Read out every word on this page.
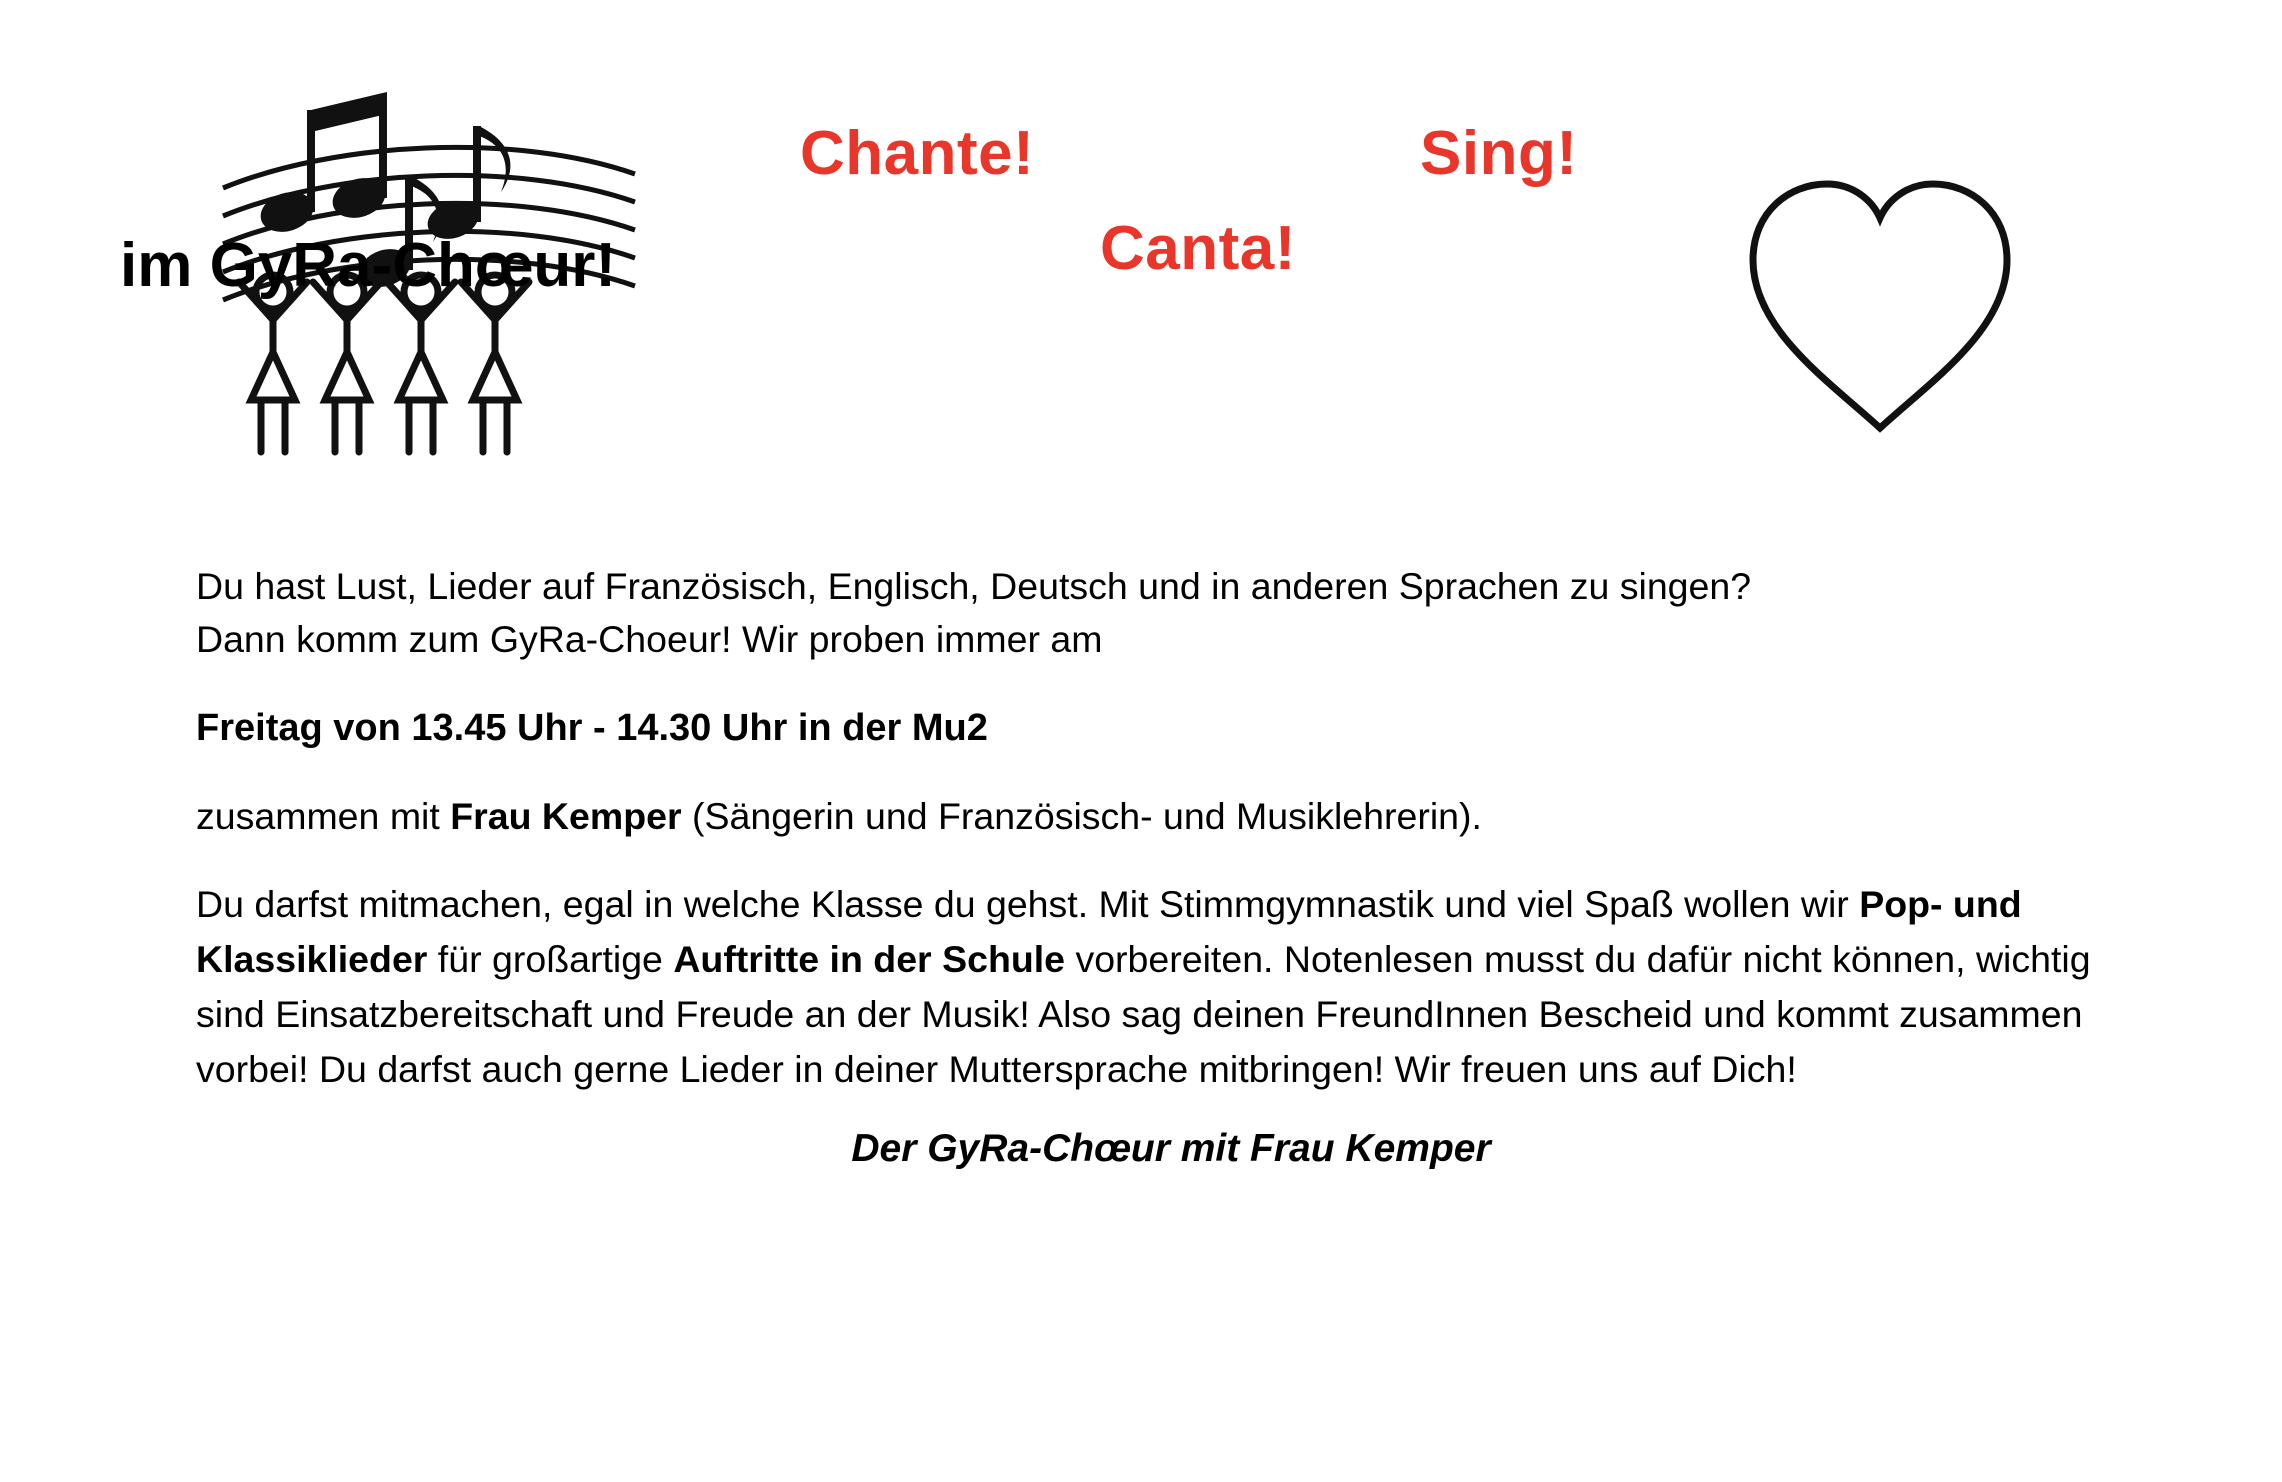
Chante!	Sing!
Canta!
im GyRa-Chœur!

Du hast Lust, Lieder auf Französisch, Englisch, Deutsch und in anderen Sprachen zu singen?
Dann komm zum GyRa-Choeur! Wir proben immer am

Freitag von 13.45 Uhr - 14.30 Uhr in der Mu2

zusammen mit Frau Kemper (Sängerin und Französisch- und Musiklehrerin).

Du darfst mitmachen, egal in welche Klasse du gehst. Mit Stimmgymnastik und viel Spaß wollen wir Pop- und Klassiklieder für großartige Auftritte in der Schule vorbereiten. Notenlesen musst du dafür nicht können, wichtig sind Einsatzbereitschaft und Freude an der Musik! Also sag deinen FreundInnen Bescheid und kommt zusammen vorbei! Du darfst auch gerne Lieder in deiner Muttersprache mitbringen! Wir freuen uns auf Dich!

Der GyRa-Chœur mit Frau Kemper
